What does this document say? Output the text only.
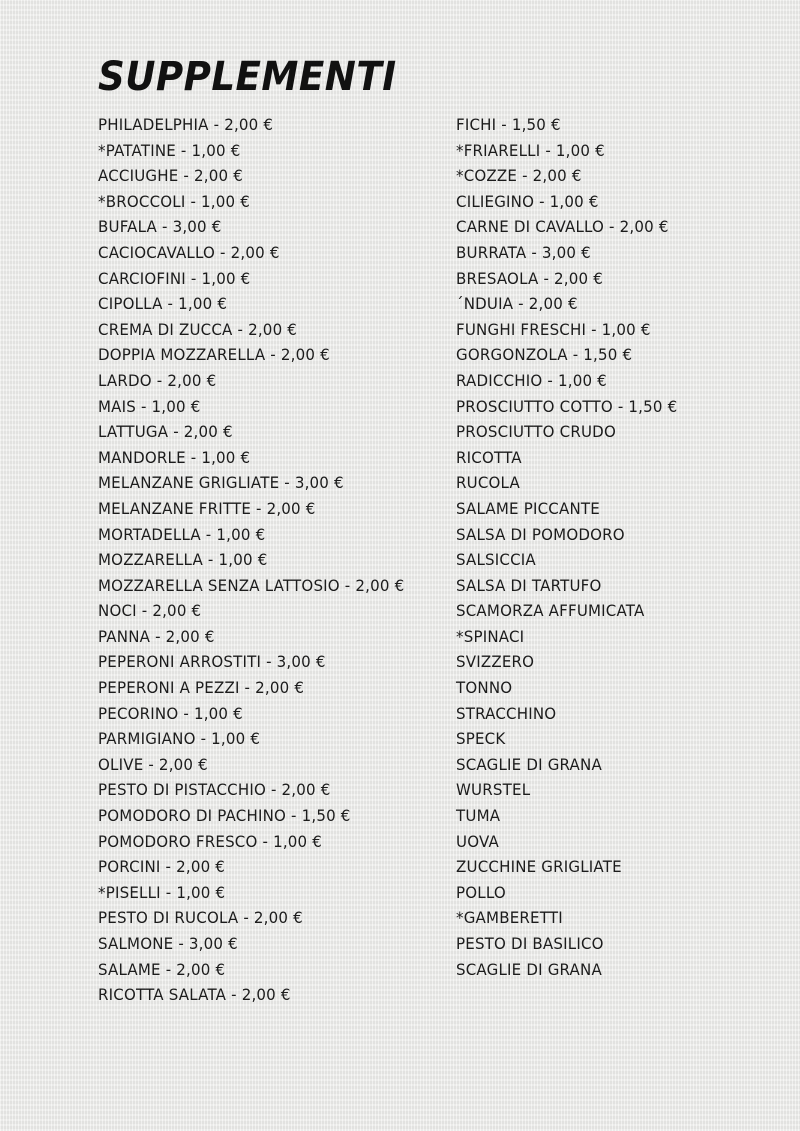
SUPPLEMENTI
PHILADELPHIA - 2,00 €
*PATATINE - 1,00 €
ACCIUGHE - 2,00 €
*BROCCOLI - 1,00 €
BUFALA - 3,00 €
CACIOCAVALLO - 2,00 €
CARCIOFINI - 1,00 €
CIPOLLA - 1,00 €
CREMA DI ZUCCA - 2,00 €
DOPPIA MOZZARELLA - 2,00 €
LARDO - 2,00 €
MAIS - 1,00 €
LATTUGA - 2,00 €
MANDORLE - 1,00 €
MELANZANE GRIGLIATE - 3,00 €
MELANZANE FRITTE - 2,00 €
MORTADELLA - 1,00 €
MOZZARELLA - 1,00 €
MOZZARELLA SENZA LATTOSIO - 2,00 €
NOCI - 2,00 €
PANNA - 2,00 €
PEPERONI ARROSTITI - 3,00 €
PEPERONI A PEZZI - 2,00 €
PECORINO - 1,00 €
PARMIGIANO - 1,00 €
OLIVE - 2,00 €
PESTO DI PISTACCHIO - 2,00 €
POMODORO DI PACHINO - 1,50 €
POMODORO FRESCO - 1,00 €
PORCINI - 2,00 €
*PISELLI - 1,00 €
PESTO DI RUCOLA - 2,00 €
SALMONE - 3,00 €
SALAME - 2,00 €
RICOTTA SALATA - 2,00 €
FICHI - 1,50 €
*FRIARELLI - 1,00 €
*COZZE - 2,00 €
CILIEGINO - 1,00 €
CARNE DI CAVALLO - 2,00 €
BURRATA - 3,00 €
BRESAOLA - 2,00 €
´NDUIA - 2,00 €
FUNGHI FRESCHI - 1,00 €
GORGONZOLA - 1,50 €
RADICCHIO - 1,00 €
PROSCIUTTO COTTO - 1,50 €
PROSCIUTTO CRUDO
RICOTTA
RUCOLA
SALAME PICCANTE
SALSA DI POMODORO
SALSICCIA
SALSA DI TARTUFO
SCAMORZA AFFUMICATA
*SPINACI
SVIZZERO
TONNO
STRACCHINO
SPECK
SCAGLIE DI GRANA
WURSTEL
TUMA
UOVA
ZUCCHINE GRIGLIATE
POLLO
*GAMBERETTI
PESTO DI BASILICO
SCAGLIE DI GRANA
